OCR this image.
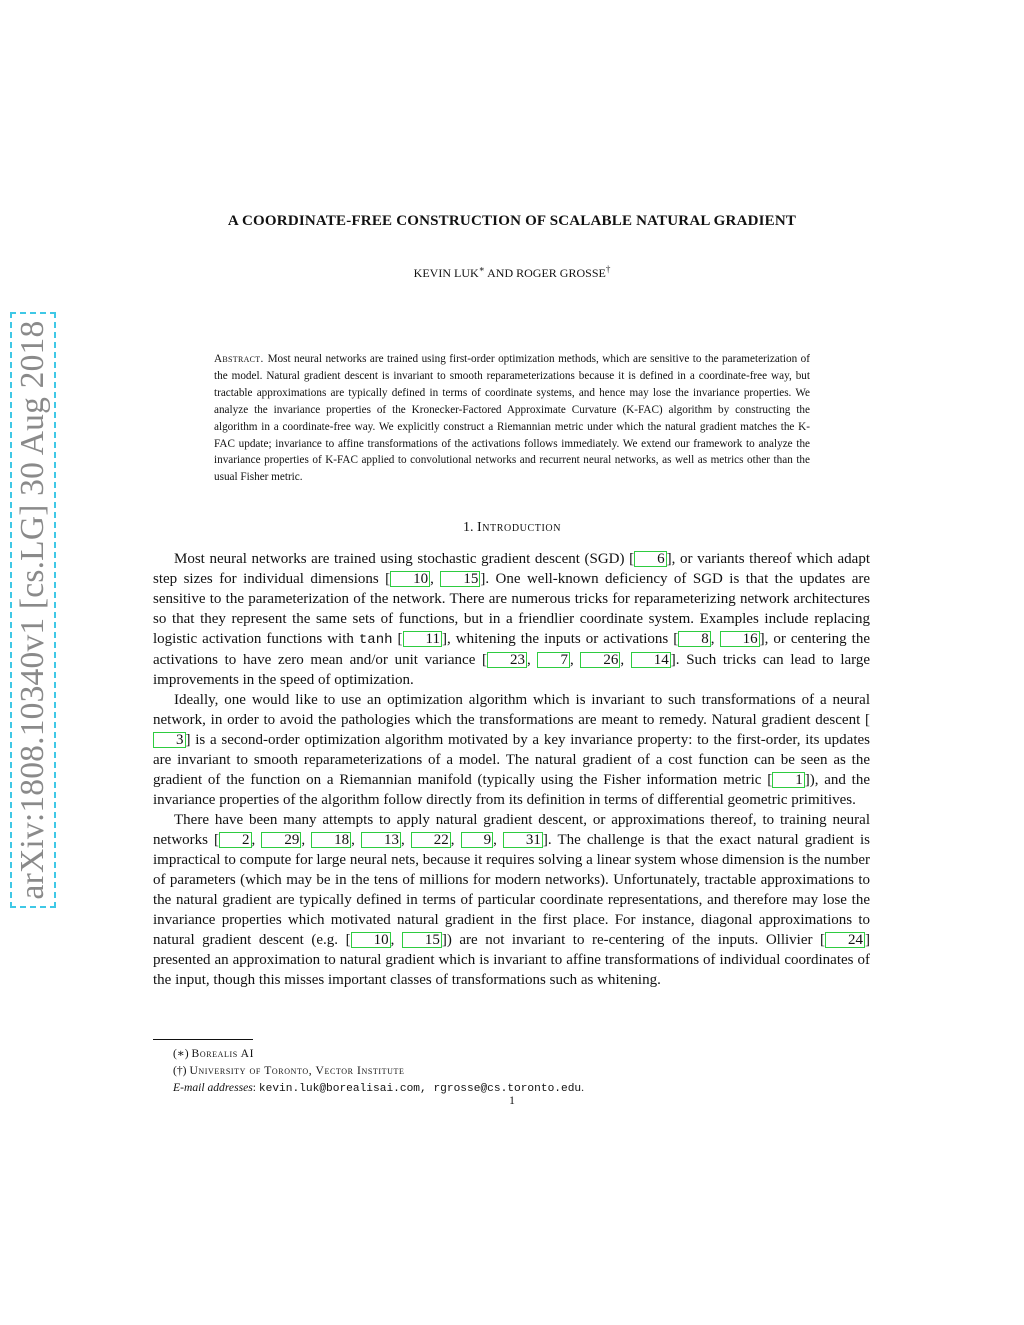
arXiv:1808.10340v1 [cs.LG] 30 Aug 2018
A COORDINATE-FREE CONSTRUCTION OF SCALABLE NATURAL GRADIENT
KEVIN LUK∗ AND ROGER GROSSE†
Abstract. Most neural networks are trained using first-order optimization methods, which are sensitive to the parameterization of the model. Natural gradient descent is invariant to smooth reparameterizations because it is defined in a coordinate-free way, but tractable approximations are typically defined in terms of coordinate systems, and hence may lose the invariance properties. We analyze the invariance properties of the Kronecker-Factored Approximate Curvature (K-FAC) algorithm by constructing the algorithm in a coordinate-free way. We explicitly construct a Riemannian metric under which the natural gradient matches the K-FAC update; invariance to affine transformations of the activations follows immediately. We extend our framework to analyze the invariance properties of K-FAC applied to convolutional networks and recurrent neural networks, as well as metrics other than the usual Fisher metric.
1. Introduction

Most neural networks are trained using stochastic gradient descent (SGD) [ 6 ], or variants thereof which adapt step sizes for individual dimensions [ 10 , 15 ]. One well-known deficiency of SGD is that the updates are sensitive to the parameterization of the network. There are numerous tricks for reparameterizing network architectures so that they represent the same sets of functions, but in a friendlier coordinate system. Examples include replacing logistic activation functions with tanh [ 11 ], whitening the inputs or activations [ 8 , 16 ], or centering the activations to have zero mean and/or unit variance [ 23 , 7 , 26 , 14 ]. Such tricks can lead to large improvements in the speed of optimization.

Ideally, one would like to use an optimization algorithm which is invariant to such transformations of a neural network, in order to avoid the pathologies which the transformations are meant to remedy. Natural gradient descent [3 ] is a second-order optimization algorithm motivated by a key invariance property: to the first-order, its updates are invariant to smooth reparameterizations of a model. The natural gradient of a cost function can be seen as the gradient of the function on a Riemannian manifold (typically using the Fisher information metric [ 1 ]), and the invariance properties of the algorithm follow directly from its definition in terms of differential geometric primitives.

There have been many attempts to apply natural gradient descent, or approximations thereof, to training neural networks [ 2 , 29 , 18 , 13 , 22 , 9 , 31 ]. The challenge is that the exact natural gradient is impractical to compute for large neural nets, because it requires solving a linear system whose dimension is the number of parameters (which may be in the tens of millions for modern networks). Unfortunately, tractable approximations to the natural gradient are typically defined in terms of particular coordinate representations, and therefore may lose the invariance properties which motivated natural gradient in the first place. For instance, diagonal approximations to natural gradient descent (e.g. [ 10 , 15 ]) are not invariant to re-centering of the inputs. Ollivier [ 24 ] presented an approximation to natural gradient which is invariant to affine transformations of individual coordinates of the input, though this misses important classes of transformations such as whitening.

(∗) Borealis AI
(†) University of Toronto, Vector Institute
E-mail addresses: kevin.luk@borealisai.com, rgrosse@cs.toronto.edu.
1
